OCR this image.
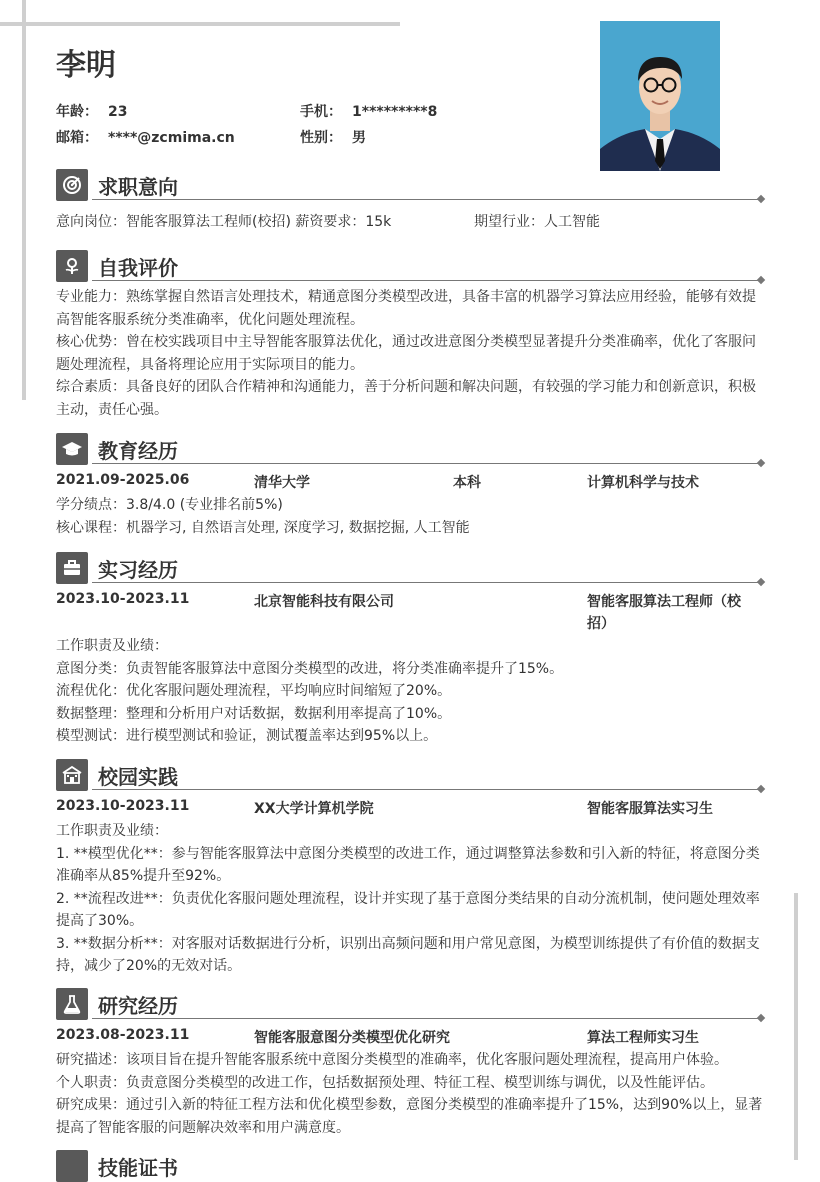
李明
年龄： 23	手机： 1*********8
邮箱： ****@zcmima.cn	性别： 男
求职意向
意向岗位：智能客服算法工程师(校招) 薪资要求：15k	期望行业：人工智能
自我评价
专业能力：熟练掌握自然语言处理技术，精通意图分类模型改进，具备丰富的机器学习算法应用经验，能够有效提高智能客服系统分类准确率，优化问题处理流程。
核心优势：曾在校实践项目中主导智能客服算法优化，通过改进意图分类模型显著提升分类准确率，优化了客服问题处理流程，具备将理论应用于实际项目的能力。
综合素质：具备良好的团队合作精神和沟通能力，善于分析问题和解决问题，有较强的学习能力和创新意识，积极主动，责任心强。
教育经历
2021.09-2025.06	清华大学	本科	计算机科学与技术
学分绩点：3.8/4.0 (专业排名前5%)
核心课程：机器学习, 自然语言处理, 深度学习, 数据挖掘, 人工智能
实习经历
2023.10-2023.11	北京智能科技有限公司	智能客服算法工程师（校招）
工作职责及业绩：
意图分类：负责智能客服算法中意图分类模型的改进，将分类准确率提升了15%。
流程优化：优化客服问题处理流程，平均响应时间缩短了20%。
数据整理：整理和分析用户对话数据，数据利用率提高了10%。
模型测试：进行模型测试和验证，测试覆盖率达到95%以上。
校园实践
2023.10-2023.11	XX大学计算机学院	智能客服算法实习生
工作职责及业绩：
1. **模型优化**：参与智能客服算法中意图分类模型的改进工作，通过调整算法参数和引入新的特征，将意图分类准确率从85%提升至92%。
2. **流程改进**：负责优化客服问题处理流程，设计并实现了基于意图分类结果的自动分流机制，使问题处理效率提高了30%。
3. **数据分析**：对客服对话数据进行分析，识别出高频问题和用户常见意图，为模型训练提供了有价值的数据支持，减少了20%的无效对话。
研究经历
2023.08-2023.11	智能客服意图分类模型优化研究	算法工程师实习生
研究描述：该项目旨在提升智能客服系统中意图分类模型的准确率，优化客服问题处理流程，提高用户体验。
个人职责：负责意图分类模型的改进工作，包括数据预处理、特征工程、模型训练与调优，以及性能评估。
研究成果：通过引入新的特征工程方法和优化模型参数，意图分类模型的准确率提升了15%，达到90%以上，显著提高了智能客服的问题解决效率和用户满意度。
技能证书
